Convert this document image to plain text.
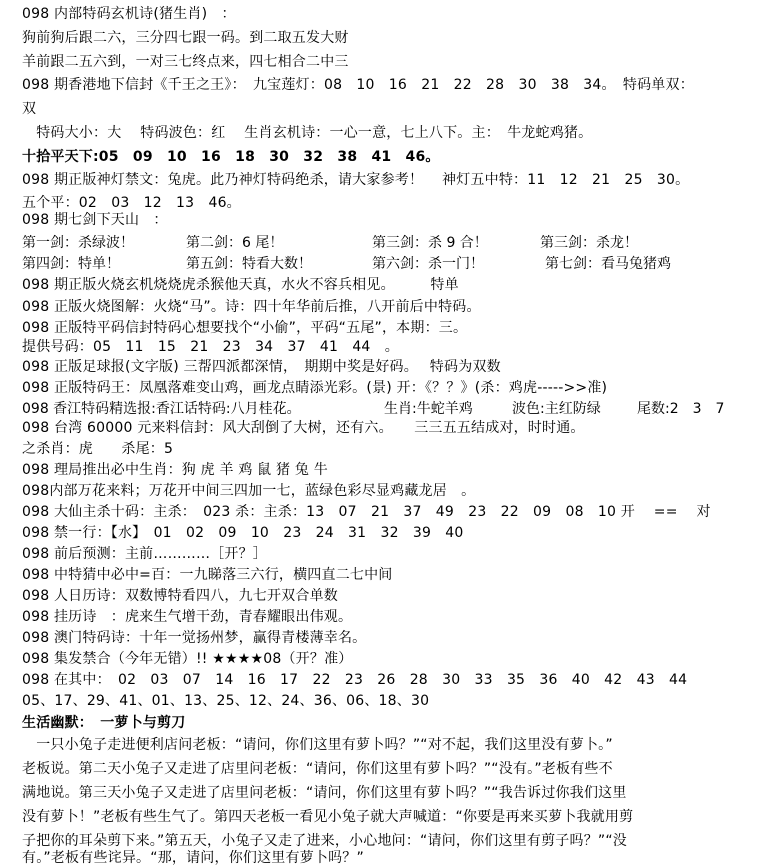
098 内部特码玄机诗(猪生肖)　：
狗前狗后跟二六，三分四七跟一码。到二取五发大财
羊前跟二五六到，一对三七终点来，四七相合二中三
098 期香港地下信封《千王之王》：　九宝莲灯：08　10　16　21　22　28　30　38　34。　特码单双：
双
　特码大小：大　 特码波色：红　 生肖玄机诗：一心一意，七上八下。主：　牛龙蛇鸡猪。
十拾平天下:05　09　10　16　18　30　32　38　41　46。
098 期正版神灯禁文：兔虎。此乃神灯特码绝杀，请大家参考！　 神灯五中特：11　12　21　25　30。
五个平：02　03　12　13　46。
098 期七剑下天山　：
第一剑：杀绿波！	第二剑：6 尾！	第三剑：杀 9 合！	第三剑：杀龙！
第四剑：特单！	第五剑：特看大数！	第六剑：杀一门！	第七剑：看马兔猪鸡
098 期正版火烧玄机烧烧虎杀猴他天真，水火不容兵相见。　　　特单
098 正版火烧图解：火烧“马”。诗：四十年华前后推，八开前后中特码。
098 正版特平码信封特码心想要找个“小偷”，平码“五尾”，本期：三。
提供号码：05　11　15　21　23　34　37　41　44　。
098 正版足球报(文字版) 三帮四派都深情，　期期中奖是好码。　 特码为双数
098 正版特码王：凤凰落难变山鸡，画龙点睛添光彩。(景) 开：《？？》(杀：鸡虎----->>准)
098 香江特码精选报:香江话特码:八月桂花。	生肖:牛蛇羊鸡	波色:主红防绿	尾数:2　3　7
098 台湾 60000 元来料信封：风大刮倒了大树，还有六。　　三三五五结成对，时时通。
之杀肖：虎　　杀尾：5
098 理局推出必中生肖：狗 虎 羊 鸡 鼠 猪 兔 牛
098内部万花来料；万花开中间三四加一七，蓝绿色彩尽显鸡藏龙居　。
098 大仙主杀十码：主杀：　023 杀：主杀：13　07　21　37　49　23　22　09　08　10 开　 ==　 对
098 禁一行：【水】　01　02　09　10　23　24　31　32　39　40
098 前后预测：主前…………［开？］
098 中特猜中必中=百：一九睇落三六行，横四直二七中间
098 人日历诗：双数博特看四八，九七开双合单数
098 挂历诗　：虎来生气增干劲，青春耀眼出伟观。
098 澳门特码诗：十年一觉扬州梦，赢得青楼薄幸名。
098 集发禁合（今年无错）!! ★★★★08（开？准）
098 在其中：　02　03　07　14　16　17　22　23　26　28　30　33　35　36　40　42　43　44
05、17、29、41、01、13、25、12、24、36、06、18、30
生活幽默：　一萝卜与剪刀
　一只小兔子走进便利店问老板：“请问，你们这里有萝卜吗？”“对不起，我们这里没有萝卜。”
老板说。第二天小兔子又走进了店里问老板：“请问，你们这里有萝卜吗？”“没有。”老板有些不
满地说。第三天小兔子又走进了店里问老板：“请问，你们这里有萝卜吗？”“我告诉过你我们这里
没有萝卜！”老板有些生气了。第四天老板一看见小兔子就大声喊道：“你要是再来买萝卜我就用剪
子把你的耳朵剪下来。”第五天，小兔子又走了进来，小心地问：“请问，你们这里有剪子吗？”“没
有。”老板有些诧异。“那，请问，你们这里有萝卜吗？”
